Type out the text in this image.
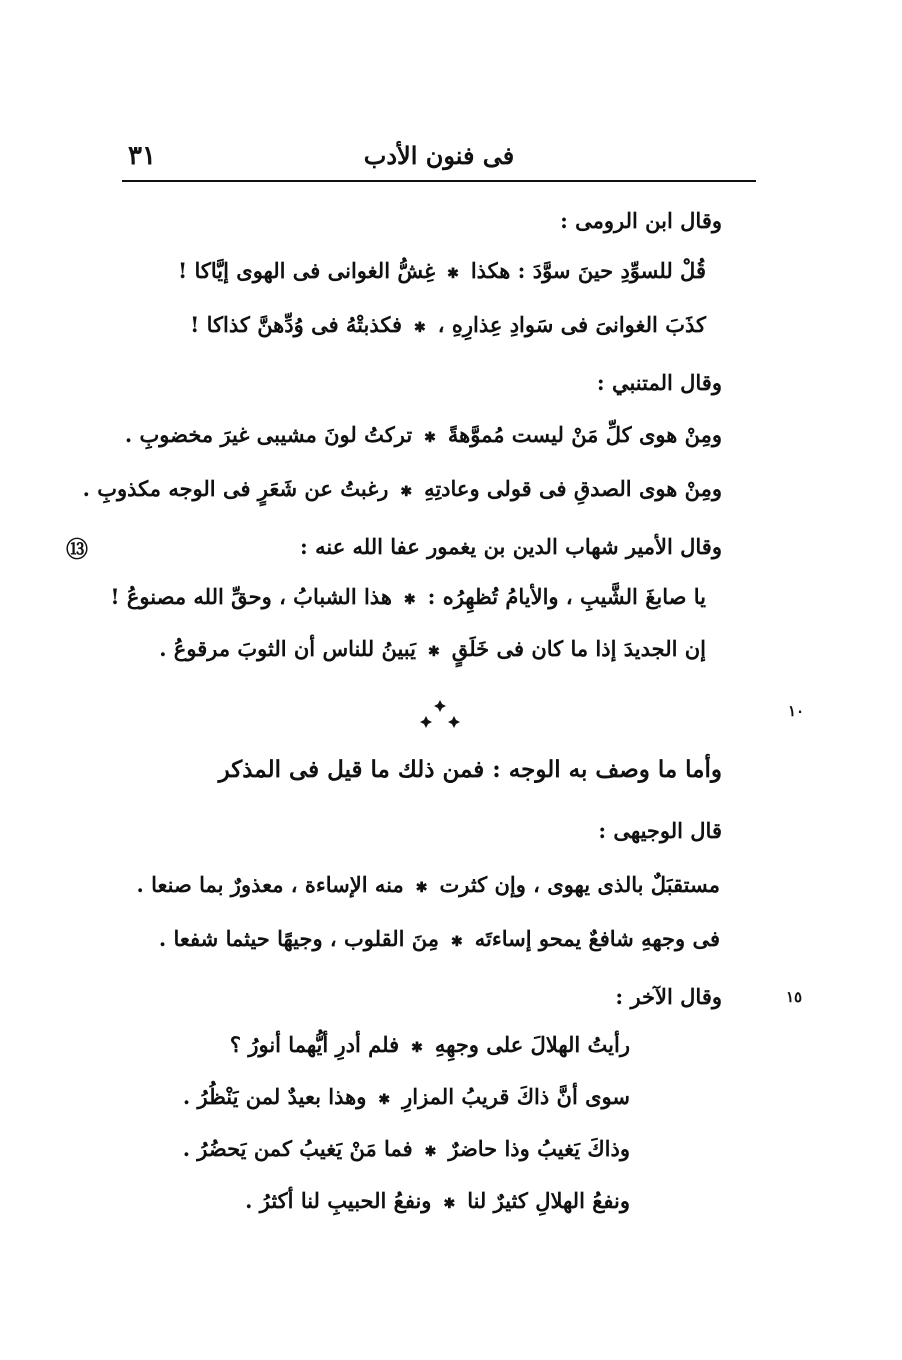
٣١	فى فنون الأدب
وقال ابن الرومى :
قُلْ للسوِّدِ حينَ سوَّدَ : هكذا✱غِشُّ الغوانى فى الهوى إيَّاكا !
كذَبَ الغوانىَ فى سَوادِ عِذارِهِ ،✱فكذبتْهُ فى وُدِّهنَّ كذاكا !
وقال المتنبي :
ومِنْ هوى كلِّ مَنْ ليست مُموَّهةً✱تركتُ لونَ مشيبى غيرَ مخضوبِ .
ومِنْ هوى الصدقِ فى قولى وعادتِهِ✱رغبتُ عن شَعَرٍ فى الوجه مكذوبِ .
⑬	وقال الأمير شهاب الدين بن يغمور عفا الله عنه :
يا صابغَ الشَّيبِ ، والأيامُ تُظهِرُه :✱هذا الشبابُ ، وحقِّ الله مصنوعُ !
إن الجديدَ إذا ما كان فى خَلَقٍ✱يَبينُ للناس أن الثوبَ مرقوعُ .
١٠
وأما ما وصف به الوجه : فمن ذلك ما قيل فى المذكر
قال الوجيهى :
مستقبَلٌ بالذى يهوى ، وإن كثرت✱منه الإساءة ، معذورٌ بما صنعا .
فى وجههِ شافعٌ يمحو إساءتَه✱مِنَ القلوب ، وجيهًا حيثما شفعا .
وقال الآخر :	١٥
رأيتُ الهلالَ على وجهِهِ✱فلم أدرِ أيُّهما أنورُ ؟
سوى أنَّ ذاكَ قريبُ المزارِ✱وهذا بعيدٌ لمن يَنْظُرُ .
وذاكَ يَغيبُ وذا حاضرٌ✱فما مَنْ يَغيبُ كمن يَحضُرُ .
ونفعُ الهلالِ كثيرٌ لنا✱ونفعُ الحبيبِ لنا أكثرُ .
